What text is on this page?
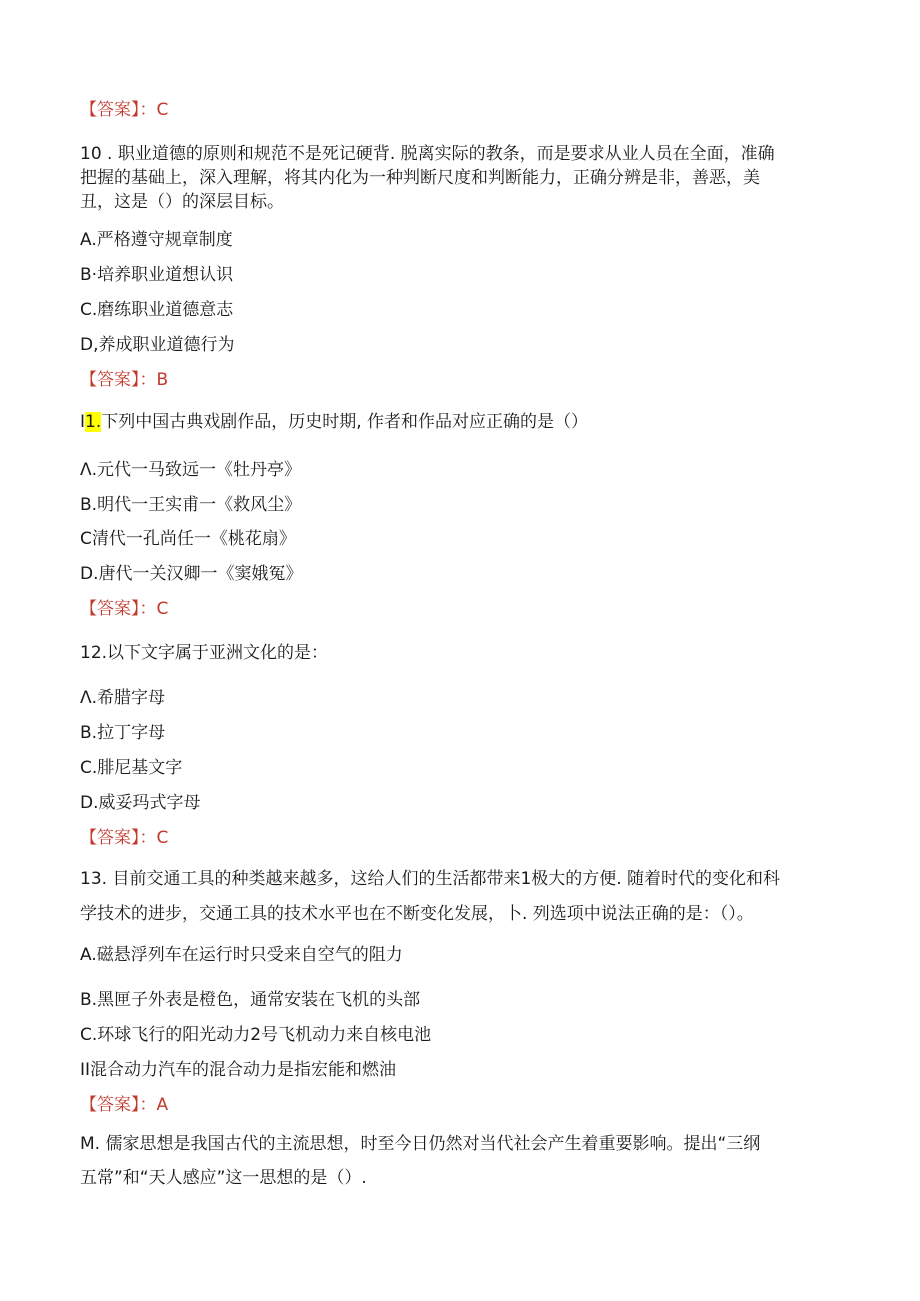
【答案】：C
10 . 职业道德的原则和规范不是死记硬背. 脱离实际的教条，而是要求从业人员在全面，准确
把握的基础上，深入理解，将其内化为一种判断尺度和判断能力，正确分辨是非，善恶，美
丑，这是（）的深层目标。
A.严格遵守规章制度
B·培养职业道想认识
C.磨练职业道德意志
D,养成职业道德行为
【答案】：B
I1.下列中国古典戏剧作品，历史时期, 作者和作品对应正确的是（）
Λ.元代一马致远一《牡丹亭》
B.明代一王实甫一《救风尘》
C清代一孔尚任一《桃花扇》
D.唐代一关汉卿一《窦娥冤》
【答案】：C
12.以下文字属于亚洲文化的是：
Λ.希腊字母
B.拉丁字母
C.腓尼基文字
D.威妥玛式字母
【答案】：C
13. 目前交通工具的种类越来越多，这给人们的生活都带来1极大的方便. 随着时代的变化和科
学技术的进步，交通工具的技术水平也在不断变化发展，卜. 列选项中说法正确的是：（）。
A.磁悬浮列车在运行时只受来自空气的阻力
B.黑匣子外表是橙色，通常安装在飞机的头部
C.环球飞行的阳光动力2号飞机动力来自核电池
II混合动力汽车的混合动力是指宏能和燃油
【答案】：A
M. 儒家思想是我国古代的主流思想，时至今日仍然对当代社会产生着重要影响。提出“三纲
五常”和“天人感应”这一思想的是（）.
